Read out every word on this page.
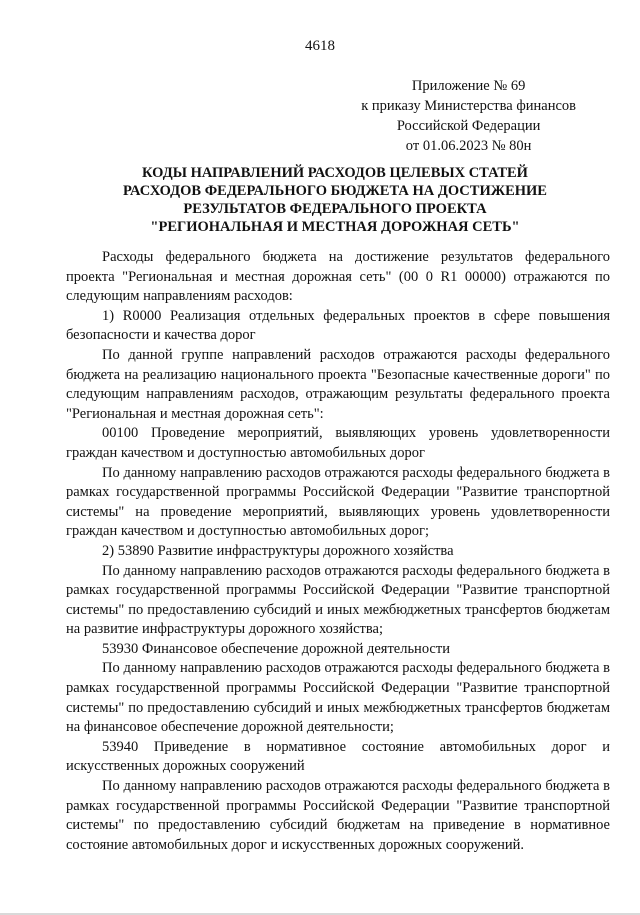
4618
Приложение № 69
к приказу Министерства финансов
Российской Федерации
от 01.06.2023 № 80н
КОДЫ НАПРАВЛЕНИЙ РАСХОДОВ ЦЕЛЕВЫХ СТАТЕЙ
РАСХОДОВ ФЕДЕРАЛЬНОГО БЮДЖЕТА НА ДОСТИЖЕНИЕ
РЕЗУЛЬТАТОВ ФЕДЕРАЛЬНОГО ПРОЕКТА
"РЕГИОНАЛЬНАЯ И МЕСТНАЯ ДОРОЖНАЯ СЕТЬ"

Расходы федерального бюджета на достижение результатов федерального проекта "Региональная и местная дорожная сеть" (00 0 R1 00000) отражаются по следующим направлениям расходов:

1) R0000 Реализация отдельных федеральных проектов в сфере повышения безопасности и качества дорог

По данной группе направлений расходов отражаются расходы федерального бюджета на реализацию национального проекта "Безопасные качественные дороги" по следующим направлениям расходов, отражающим результаты федерального проекта "Региональная и местная дорожная сеть":

00100 Проведение мероприятий, выявляющих уровень удовлетворенности граждан качеством и доступностью автомобильных дорог

По данному направлению расходов отражаются расходы федерального бюджета в рамках государственной программы Российской Федерации "Развитие транспортной системы" на проведение мероприятий, выявляющих уровень удовлетворенности граждан качеством и доступностью автомобильных дорог;

2) 53890 Развитие инфраструктуры дорожного хозяйства

По данному направлению расходов отражаются расходы федерального бюджета в рамках государственной программы Российской Федерации "Развитие транспортной системы" по предоставлению субсидий и иных межбюджетных трансфертов бюджетам на развитие инфраструктуры дорожного хозяйства;

53930 Финансовое обеспечение дорожной деятельности

По данному направлению расходов отражаются расходы федерального бюджета в рамках государственной программы Российской Федерации "Развитие транспортной системы" по предоставлению субсидий и иных межбюджетных трансфертов бюджетам на финансовое обеспечение дорожной деятельности;

53940 Приведение в нормативное состояние автомобильных дорог и искусственных дорожных сооружений

По данному направлению расходов отражаются расходы федерального бюджета в рамках государственной программы Российской Федерации "Развитие транспортной системы" по предоставлению субсидий бюджетам на приведение в нормативное состояние автомобильных дорог и искусственных дорожных сооружений.
